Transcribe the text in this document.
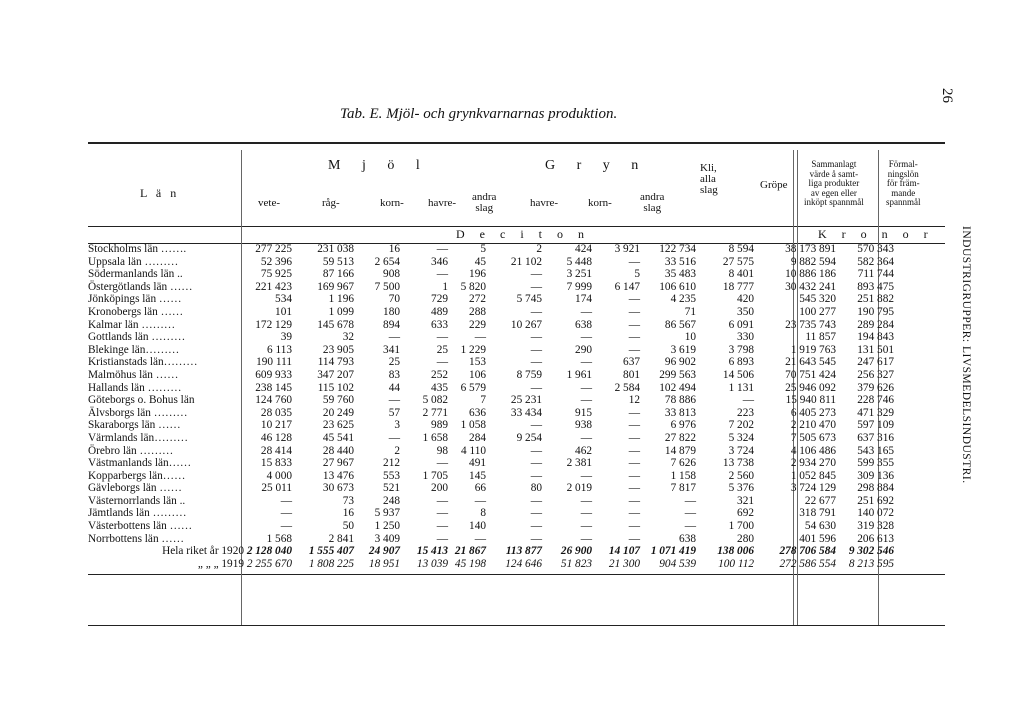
26
Tab. E. Mjöl- och grynkvarnarnas produktion.
INDUSTRIGRUPPER: LIVSMEDELSINDUSTRI.
L ä n
M j ö l	G r y n
vete-	råg-	korn- havre- andra
slag	havre-	korn-	andra
slag
Kli,
alla
slag	Gröpe
Sammanlagt
värde å samt-
liga produkter
av egen eller
inköpt spannmål
Förmal-
ningslön
för främ-
mande
spannmål
D e c i t o n	K r o n o r
Stockholms län …….	277 225	231 038	16	—	5	2	424	3 921	122 734	8 594	38 173 891	570 343
Uppsala län ………	52 396	59 513	2 654	346	45	21 102	5 448	—	33 516	27 575	9 882 594	582 364
Södermanlands län ..	75 925	87 166	908	—	196	—	3 251	5	35 483	8 401	10 886 186	711 744
Östergötlands län ……	221 423	169 967	7 500	1	5 820	—	7 999	6 147	106 610	18 777	30 432 241	893 475
Jönköpings län ……	534	1 196	70	729	272	5 745	174	—	4 235	420	545 320	251 882
Kronobergs län ……	101	1 099	180	489	288	—	—	—	71	350	100 277	190 795
Kalmar län ………	172 129	145 678	894	633	229	10 267	638	—	86 567	6 091	23 735 743	289 284
Gottlands län ………	39	32	—	—	—	—	—	—	10	330	11 857	194 843
Blekinge län………	6 113	23 905	341	25	1 229	—	290	—	3 619	3 798	1 919 763	131 501
Kristianstads län………	190 111	114 793	25	—	153	—	—	637	96 902	6 893	21 643 545	247 617
Malmöhus län ……	609 933	347 207	83	252	106	8 759	1 961	801	299 563	14 506	70 751 424	256 327
Hallands län ………	238 145	115 102	44	435	6 579	—	—	2 584	102 494	1 131	25 946 092	379 626
Göteborgs o. Bohus län	124 760	59 760	—	5 082	7	25 231	—	12	78 886	—	15 940 811	228 746
Älvsborgs län ………	28 035	20 249	57	2 771	636	33 434	915	—	33 813	223	6 405 273	471 329
Skaraborgs län ……	10 217	23 625	3	989	1 058	—	938	—	6 976	7 202	2 210 470	597 109
Värmlands län………	46 128	45 541	—	1 658	284	9 254	—	—	27 822	5 324	7 505 673	637 316
Örebro län ………	28 414	28 440	2	98	4 110	—	462	—	14 879	3 724	4 106 486	543 165
Västmanlands län……	15 833	27 967	212	—	491	—	2 381	—	7 626	13 738	2 934 270	599 355
Kopparbergs län……	4 000	13 476	553	1 705	145	—	—	—	1 158	2 560	1 052 845	309 136
Gävleborgs län ……	25 011	30 673	521	200	66	80	2 019	—	7 817	5 376	3 724 129	298 884
Västernorrlands län ..	—	73	248	—	—	—	—	—	—	321	22 677	251 692
Jämtlands län ………	—	16	5 937	—	8	—	—	—	—	692	318 791	140 072
Västerbottens län ……	—	50	1 250	—	140	—	—	—	—	1 700	54 630	319 328
Norrbottens län ……	1 568	2 841	3 409	—	—	—	—	—	638	280	401 596	206 613
Hela riket år 1920	2 128 040	1 555 407	24 907	15 413	21 867	113 877	26 900	14 107	1 071 419	138 006	278 706 584	9 302 546
„ „ „ 1919	2 255 670	1 808 225	18 951	13 039	45 198	124 646	51 823	21 300	904 539	100 112	272 586 554	8 213 595
